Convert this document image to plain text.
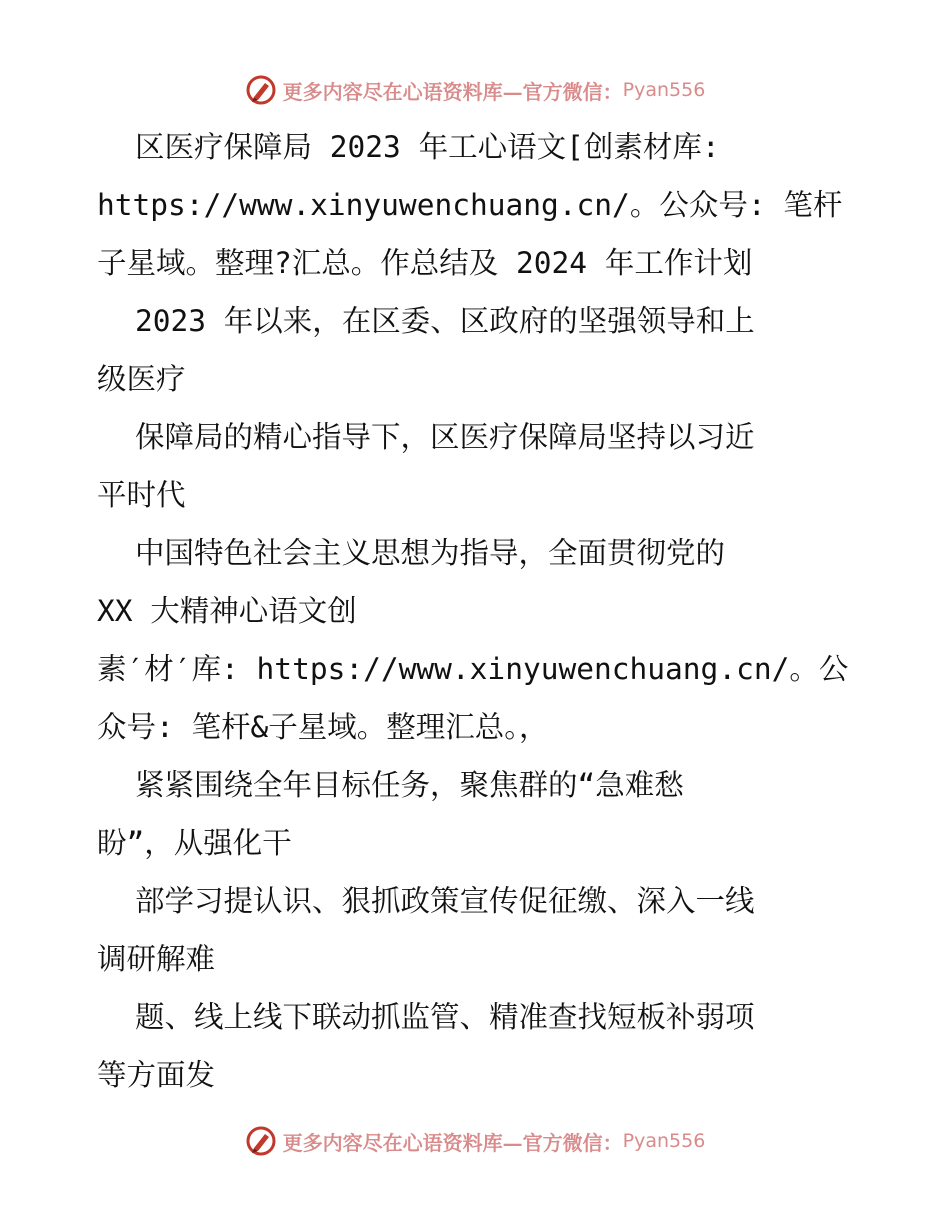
更多内容尽在心语资料库—官方微信： Pyan556
区医疗保障局 2023 年工心语文[创素材库:
https://www.xinyuwenchuang.cn/。公众号: 笔杆
子星域。整理?汇总。作总结及 2024 年工作计划
2023 年以来，在区委、区政府的坚强领导和上
级医疗
保障局的精心指导下，区医疗保障局坚持以习近
平时代
中国特色社会主义思想为指导，全面贯彻党的
XX 大精神心语文创
素′材′库: https://www.xinyuwenchuang.cn/。公
众号: 笔杆&子星域。整理汇总。，
紧紧围绕全年目标任务，聚焦群的“急难愁
盼”，从强化干
部学习提认识、狠抓政策宣传促征缴、深入一线
调研解难
题、线上线下联动抓监管、精准查找短板补弱项
等方面发
更多内容尽在心语资料库—官方微信： Pyan556
